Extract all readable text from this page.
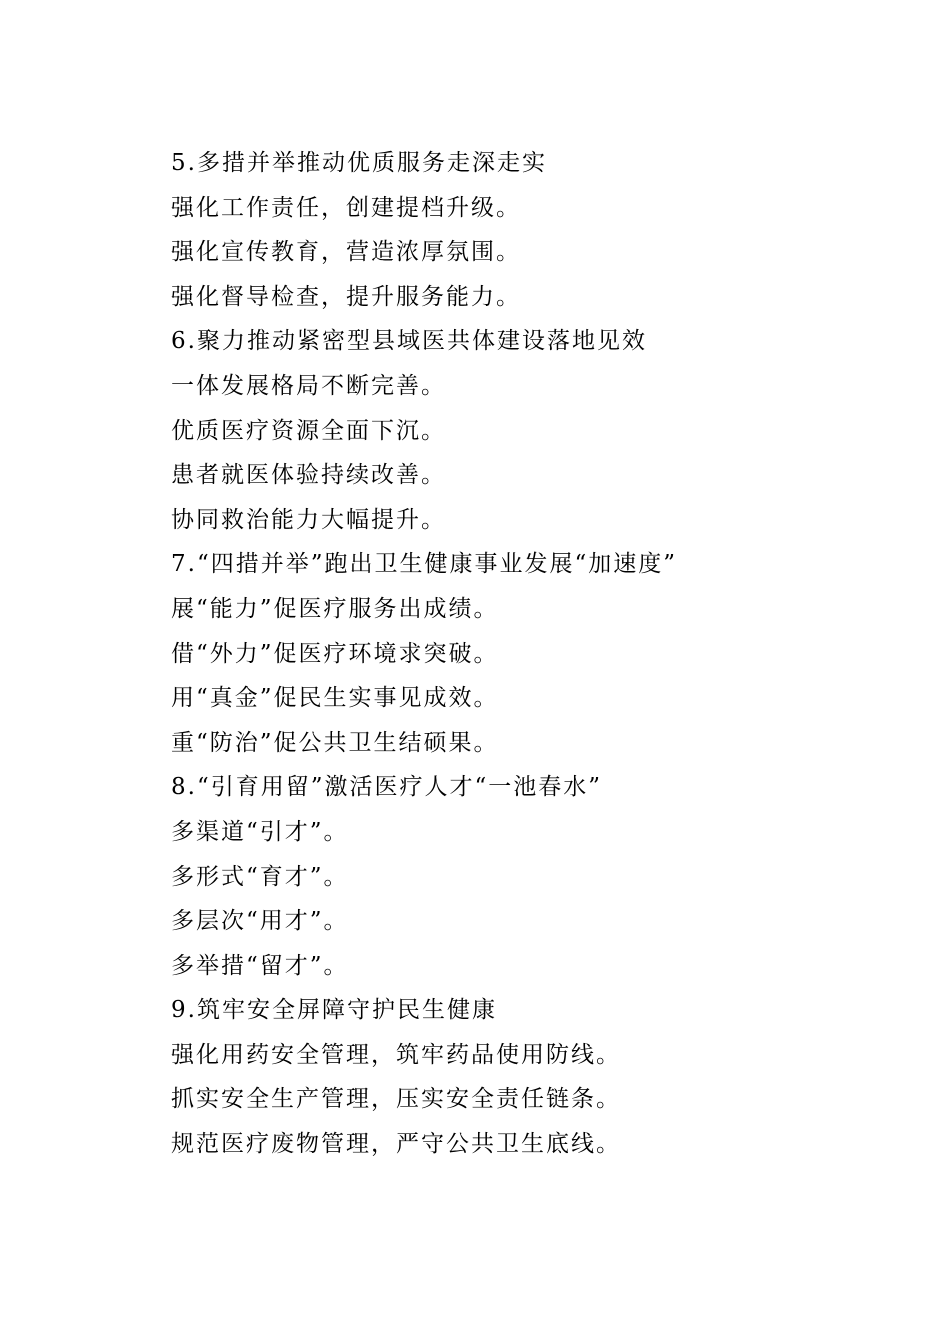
5.多措并举推动优质服务走深走实
强化工作责任，创建提档升级。
强化宣传教育，营造浓厚氛围。
强化督导检查，提升服务能力。
6.聚力推动紧密型县域医共体建设落地见效
一体发展格局不断完善。
优质医疗资源全面下沉。
患者就医体验持续改善。
协同救治能力大幅提升。
7.“四措并举”跑出卫生健康事业发展“加速度”
展“能力”促医疗服务出成绩。
借“外力”促医疗环境求突破。
用“真金”促民生实事见成效。
重“防治”促公共卫生结硕果。
8.“引育用留”激活医疗人才“一池春水”
多渠道“引才”。
多形式“育才”。
多层次“用才”。
多举措“留才”。
9.筑牢安全屏障守护民生健康
强化用药安全管理，筑牢药品使用防线。
抓实安全生产管理，压实安全责任链条。
规范医疗废物管理，严守公共卫生底线。
